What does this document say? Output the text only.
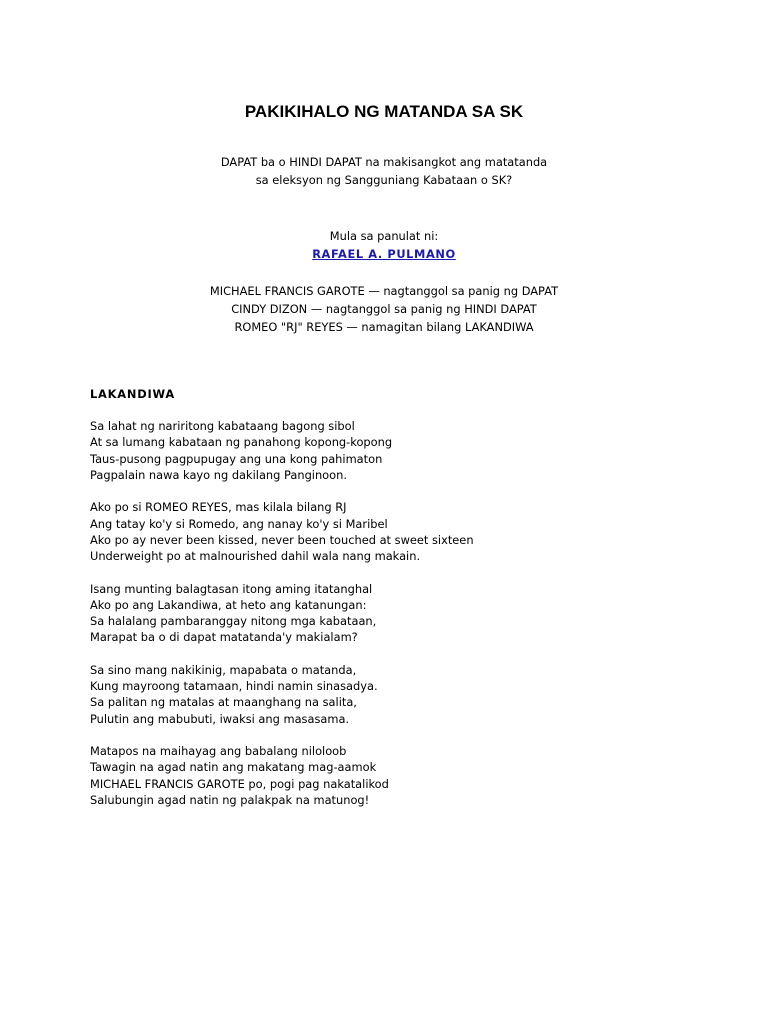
PAKIKIHALO NG MATANDA SA SK
DAPAT ba o HINDI DAPAT na makisangkot ang matatanda
sa eleksyon ng Sangguniang Kabataan o SK?
Mula sa panulat ni:
RAFAEL A. PULMANO
MICHAEL FRANCIS GAROTE — nagtanggol sa panig ng DAPAT
CINDY DIZON — nagtanggol sa panig ng HINDI DAPAT
ROMEO "RJ" REYES — namagitan bilang LAKANDIWA
LAKANDIWA
Sa lahat ng nariritong kabataang bagong sibol
At sa lumang kabataan ng panahong kopong-kopong
Taus-pusong pagpupugay ang una kong pahimaton
Pagpalain nawa kayo ng dakilang Panginoon.
Ako po si ROMEO REYES, mas kilala bilang RJ
Ang tatay ko'y si Romedo, ang nanay ko'y si Maribel
Ako po ay never been kissed, never been touched at sweet sixteen
Underweight po at malnourished dahil wala nang makain.
Isang munting balagtasan itong aming itatanghal
Ako po ang Lakandiwa, at heto ang katanungan:
Sa halalang pambaranggay nitong mga kabataan,
Marapat ba o di dapat matatanda'y makialam?
Sa sino mang nakikinig, mapabata o matanda,
Kung mayroong tatamaan, hindi namin sinasadya.
Sa palitan ng matalas at maanghang na salita,
Pulutin ang mabubuti, iwaksi ang masasama.
Matapos na maihayag ang babalang niloloob
Tawagin na agad natin ang makatang mag-aamok
MICHAEL FRANCIS GAROTE po, pogi pag nakatalikod
Salubungin agad natin ng palakpak na matunog!
